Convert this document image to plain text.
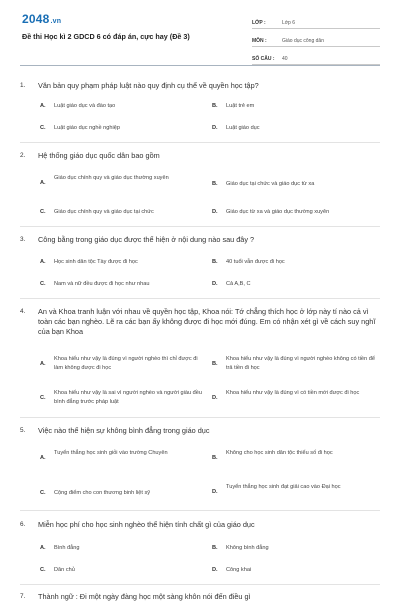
2048.vn
Đề thi Học kì 2 GDCD 6 có đáp án, cực hay (Đề 3)
LỚP :	Lớp 6
MÔN :	Giáo dục công dân
SỐ CÂU :	40
1. Văn bản quy phạm pháp luật nào quy định cụ thể về quyền học tập?
A. Luật giáo dục và đào tạo	B. Luật trẻ em
C. Luật giáo dục nghề nghiệp	D. Luật giáo dục
2. Hệ thống giáo dục quốc dân bao gồm
A.
Giáo dục chính quy và giáo dục thường xuyên
B. Giáo dục tại chức và giáo dục từ xa
C. Giáo dục chính quy và giáo dục tại chức	D. Giáo dục từ xa và giáo dục thường xuyên
3. Công bằng trong giáo dục được thể hiện ở nội dung nào sau đây ?
A. Học sinh dân tộc Tày được đi học	B. 40 tuổi vẫn được đi học
C. Nam và nữ đều được đi học như nhau	D. Cả A,B, C
4. An và Khoa tranh luận với nhau về quyền học tập, Khoa nói: Tớ chẳng thích học ở lớp này tí nào cả vì toàn các bạn nghèo. Lẽ ra các bạn ấy không được đi học mới đúng. Em có nhận xét gì về cách suy nghĩ của bạn Khoa
A.
Khoa hiểu như vậy là đúng vì người nghèo thì chỉ được đi làm không được đi học
B.
Khoa hiểu như vậy là đúng vì người nghèo không có tiền để trả tiền đi học
C.
Khoa hiểu như vậy là sai vì người nghèo và người giàu đều bình đẳng trước pháp luật
D.
Khoa hiểu như vậy là đúng vì có tiền mới được đi học
5. Việc nào thể hiện sự không bình đẳng trong giáo dục
A.
Tuyển thẳng học sinh giỏi vào trường Chuyên
B.
Không cho học sinh dân tộc thiểu số đi học
C. Cộng điểm cho con thương binh liệt sỹ	D.
Tuyển thẳng học sinh đạt giải cao vào Đại học
6. Miễn học phí cho học sinh nghèo thể hiện tính chất gì của giáo dục
A. Bình đẳng	B. Không bình đẳng
C. Dân chủ	D. Công khai
7. Thành ngữ : Đi một ngày đàng học một sàng khôn nói đến điều gì
